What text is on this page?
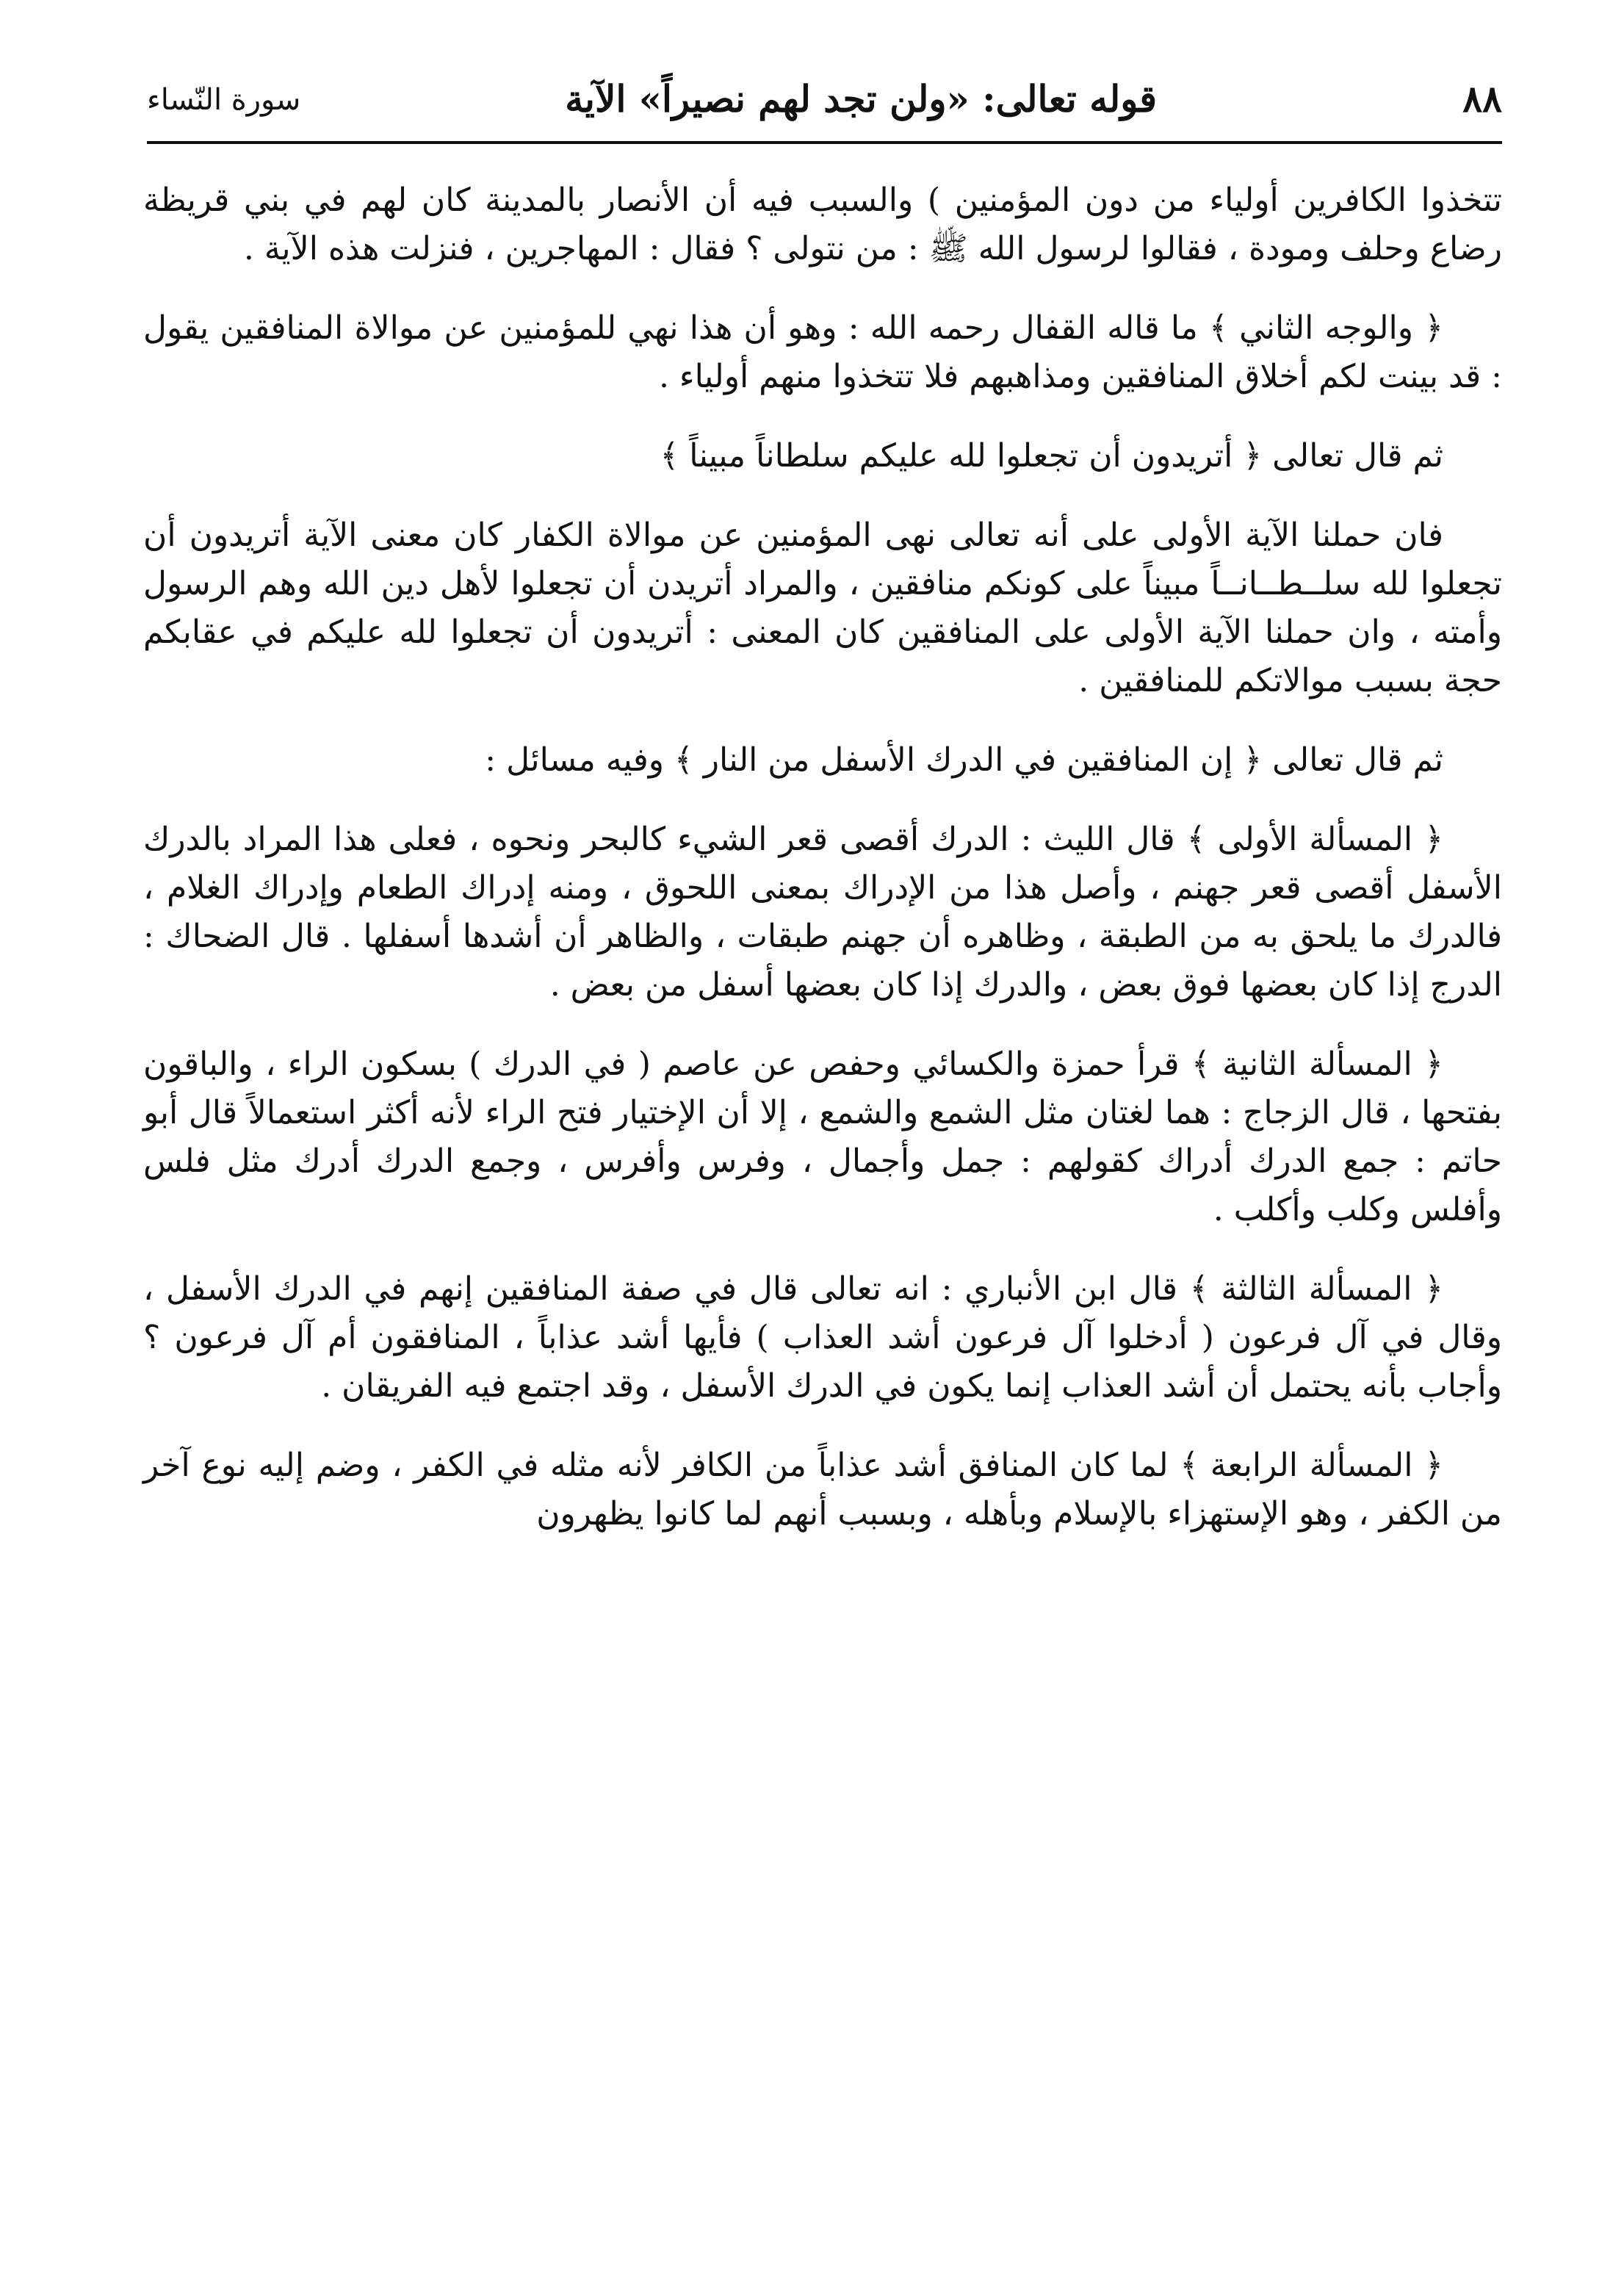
٨٨
قوله تعالى: «ولن تجد لهم نصيراً» الآية
سورة النّساء

تتخذوا الكافرين أولياء من دون المؤمنين ) والسبب فيه أن الأنصار بالمدينة كان لهم في بني قريظة رضاع وحلف ومودة ، فقالوا لرسول الله ﷺ : من نتولى ؟ فقال : المهاجرين ، فنزلت هذه الآية .

﴿ والوجه الثاني ﴾ ما قاله القفال رحمه الله : وهو أن هذا نهي للمؤمنين عن موالاة المنافقين يقول : قد بينت لكم أخلاق المنافقين ومذاهبهم فلا تتخذوا منهم أولياء .

ثم قال تعالى ﴿ أتريدون أن تجعلوا لله عليكم سلطاناً مبيناً ﴾

فان حملنا الآية الأولى على أنه تعالى نهى المؤمنين عن موالاة الكفار كان معنى الآية أتريدون أن تجعلوا لله سلــطــانــاً مبيناً على كونكم منافقين ، والمراد أتريدن أن تجعلوا لأهل دين الله وهم الرسول وأمته ، وان حملنا الآية الأولى على المنافقين كان المعنى : أتريدون أن تجعلوا لله عليكم في عقابكم حجة بسبب موالاتكم للمنافقين .

ثم قال تعالى ﴿ إن المنافقين في الدرك الأسفل من النار ﴾ وفيه مسائل :

﴿ المسألة الأولى ﴾ قال الليث : الدرك أقصى قعر الشيء كالبحر ونحوه ، فعلى هذا المراد بالدرك الأسفل أقصى قعر جهنم ، وأصل هذا من الإدراك بمعنى اللحوق ، ومنه إدراك الطعام وإدراك الغلام ، فالدرك ما يلحق به من الطبقة ، وظاهره أن جهنم طبقات ، والظاهر أن أشدها أسفلها . قال الضحاك : الدرج إذا كان بعضها فوق بعض ، والدرك إذا كان بعضها أسفل من بعض .

﴿ المسألة الثانية ﴾ قرأ حمزة والكسائي وحفص عن عاصم ( في الدرك ) بسكون الراء ، والباقون بفتحها ، قال الزجاج : هما لغتان مثل الشمع والشمع ، إلا أن الإختيار فتح الراء لأنه أكثر استعمالاً قال أبو حاتم : جمع الدرك أدراك كقولهم : جمل وأجمال ، وفرس وأفرس ، وجمع الدرك أدرك مثل فلس وأفلس وكلب وأكلب .

﴿ المسألة الثالثة ﴾ قال ابن الأنباري : انه تعالى قال في صفة المنافقين إنهم في الدرك الأسفل ، وقال في آل فرعون ( أدخلوا آل فرعون أشد العذاب ) فأيها أشد عذاباً ، المنافقون أم آل فرعون ؟ وأجاب بأنه يحتمل أن أشد العذاب إنما يكون في الدرك الأسفل ، وقد اجتمع فيه الفريقان .

﴿ المسألة الرابعة ﴾ لما كان المنافق أشد عذاباً من الكافر لأنه مثله في الكفر ، وضم إليه نوع آخر من الكفر ، وهو الإستهزاء بالإسلام وبأهله ، وبسبب أنهم لما كانوا يظهرون
